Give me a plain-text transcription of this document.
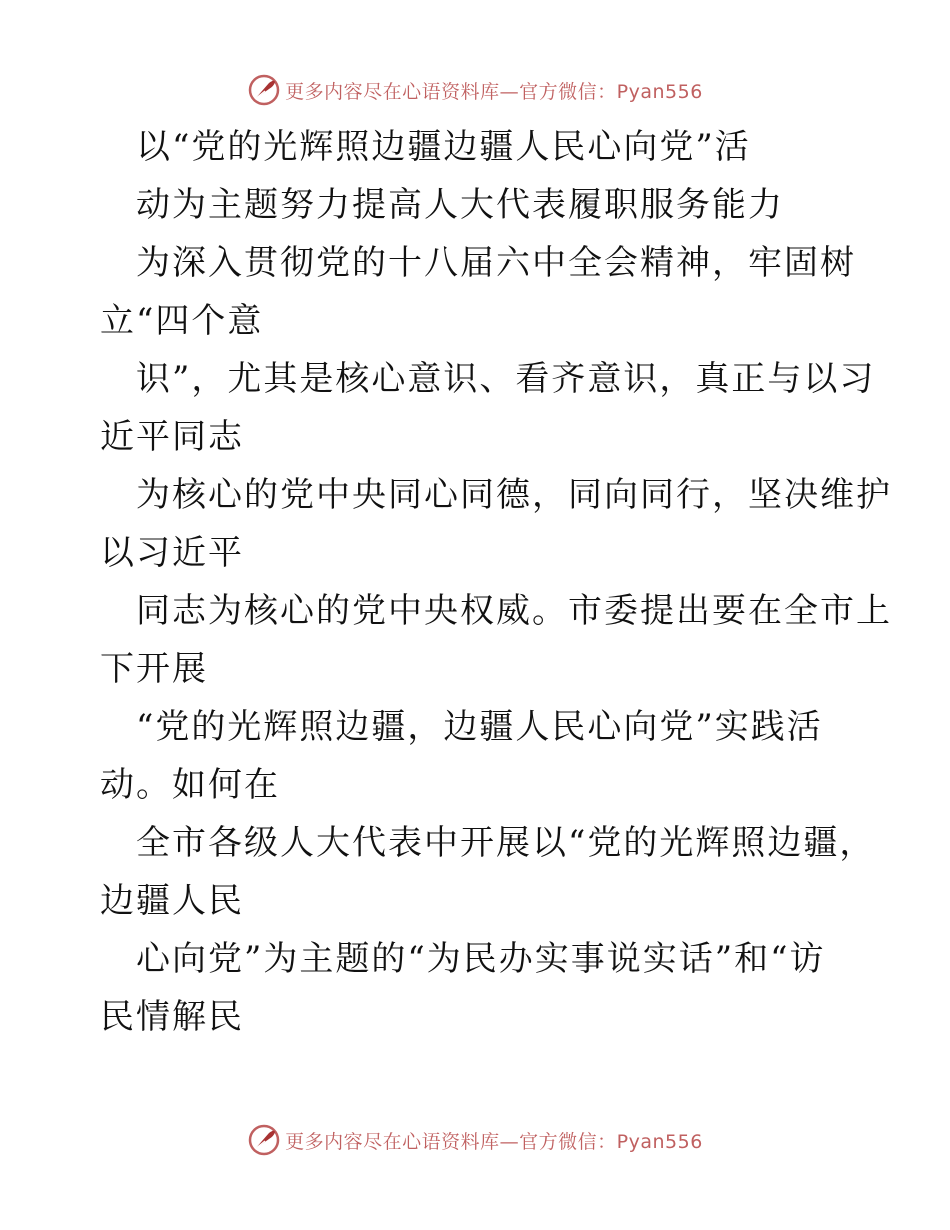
更多内容尽在心语资料库—官方微信：Pyan556
以“党的光辉照边疆边疆人民心向党”活
动为主题努力提高人大代表履职服务能力
为深入贯彻党的十八届六中全会精神，牢固树
立“四个意
识”，尤其是核心意识、看齐意识，真正与以习
近平同志
为核心的党中央同心同德，同向同行，坚决维护
以习近平
同志为核心的党中央权威。市委提出要在全市上
下开展
“党的光辉照边疆，边疆人民心向党”实践活
动。如何在
全市各级人大代表中开展以“党的光辉照边疆，
边疆人民
心向党”为主题的“为民办实事说实话”和“访
民情解民
更多内容尽在心语资料库—官方微信：Pyan556
